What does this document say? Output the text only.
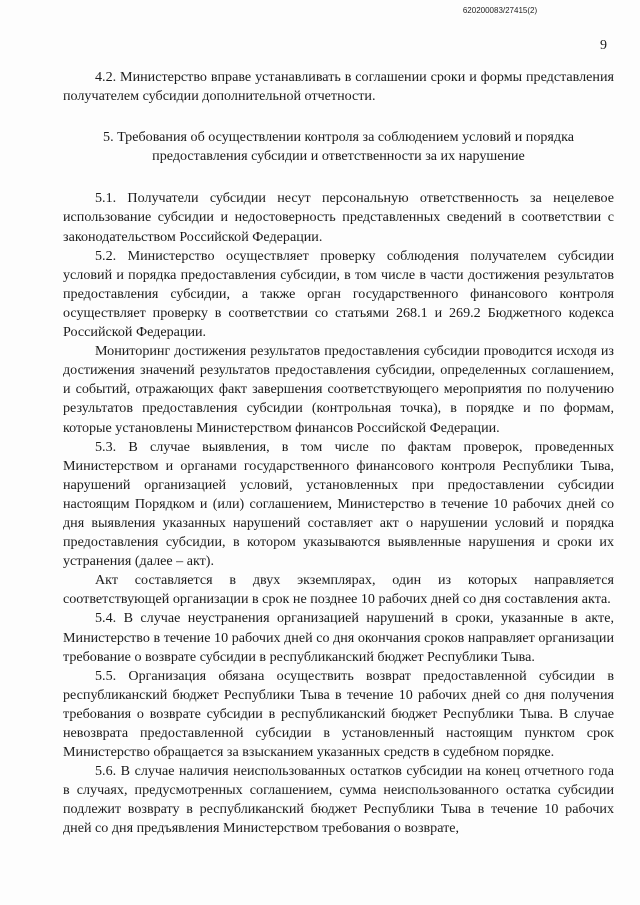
620200083/27415(2)
9

4.2. Министерство вправе устанавливать в соглашении сроки и формы представления получателем субсидии дополнительной отчетности.

5. Требования об осуществлении контроля за соблюдением условий и порядка предоставления субсидии и ответственности за их нарушение

5.1. Получатели субсидии несут персональную ответственность за нецелевое использование субсидии и недостоверность представленных сведений в соответствии с законодательством Российской Федерации.

5.2. Министерство осуществляет проверку соблюдения получателем субсидии условий и порядка предоставления субсидии, в том числе в части достижения результатов предоставления субсидии, а также орган государственного финансового контроля осуществляет проверку в соответствии со статьями 268.1 и 269.2 Бюджетного кодекса Российской Федерации.

Мониторинг достижения результатов предоставления субсидии проводится исходя из достижения значений результатов предоставления субсидии, определенных соглашением, и событий, отражающих факт завершения соответствующего мероприятия по получению результатов предоставления субсидии (контрольная точка), в порядке и по формам, которые установлены Министерством финансов Российской Федерации.

5.3. В случае выявления, в том числе по фактам проверок, проведенных Министерством и органами государственного финансового контроля Республики Тыва, нарушений организацией условий, установленных при предоставлении субсидии настоящим Порядком и (или) соглашением, Министерство в течение 10 рабочих дней со дня выявления указанных нарушений составляет акт о нарушении условий и порядка предоставления субсидии, в котором указываются выявленные нарушения и сроки их устранения (далее – акт).

Акт составляется в двух экземплярах, один из которых направляется соответствующей организации в срок не позднее 10 рабочих дней со дня составления акта.

5.4. В случае неустранения организацией нарушений в сроки, указанные в акте, Министерство в течение 10 рабочих дней со дня окончания сроков направляет организации требование о возврате субсидии в республиканский бюджет Республики Тыва.

5.5. Организация обязана осуществить возврат предоставленной субсидии в республиканский бюджет Республики Тыва в течение 10 рабочих дней со дня получения требования о возврате субсидии в республиканский бюджет Республики Тыва. В случае невозврата предоставленной субсидии в установленный настоящим пунктом срок Министерство обращается за взысканием указанных средств в судебном порядке.

5.6. В случае наличия неиспользованных остатков субсидии на конец отчетного года в случаях, предусмотренных соглашением, сумма неиспользованного остатка субсидии подлежит возврату в республиканский бюджет Республики Тыва в течение 10 рабочих дней со дня предъявления Министерством требования о возврате,
